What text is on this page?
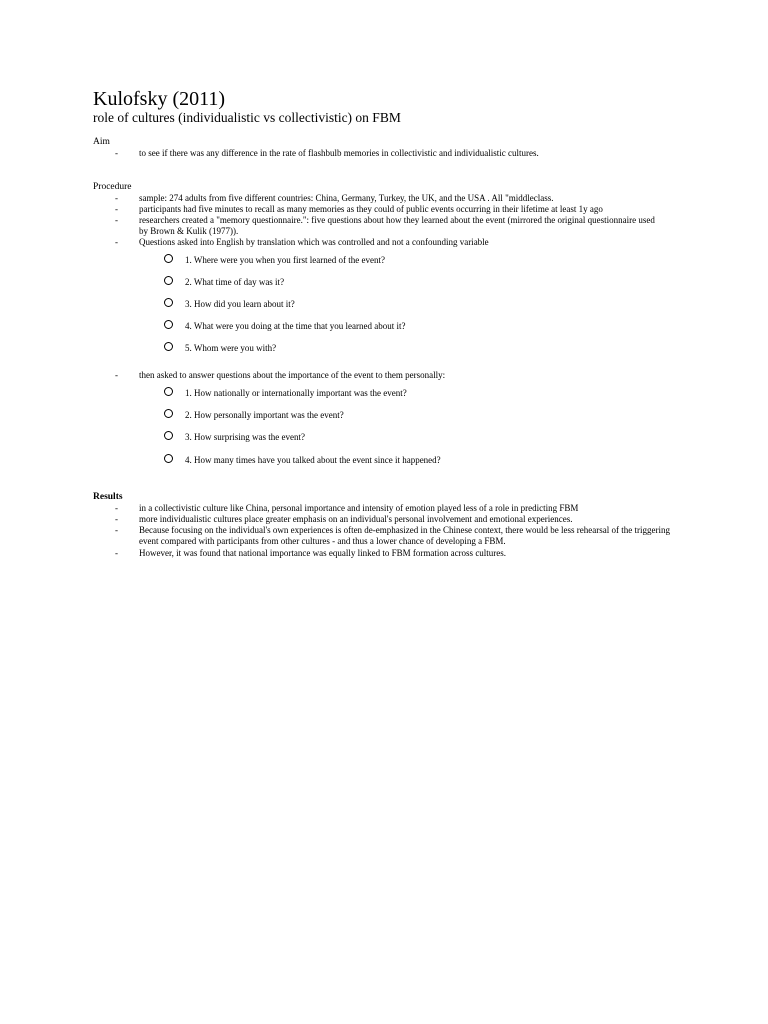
Kulofsky (2011)
role of cultures (individualistic vs collectivistic) on FBM
Aim
- to see if there was any difference in the rate of flashbulb memories in collectivistic and individualistic cultures.
Procedure
- sample: 274 adults from five different countries: China, Germany, Turkey, the UK, and the USA . All "middleclass.
- participants had five minutes to recall as many memories as they could of public events occurring in their lifetime at least 1y ago
- researchers created a "memory questionnaire.": five questions about how they learned about the event (mirrored the original questionnaire used by Brown & Kulik (1977)).
- Questions asked into English by translation which was controlled and not a confounding variable
1. Where were you when you first learned of the event?
2. What time of day was it?
3. How did you learn about it?
4. What were you doing at the time that you learned about it?
5. Whom were you with?
- then asked to answer questions about the importance of the event to them personally:
1. How nationally or internationally important was the event?
2. How personally important was the event?
3. How surprising was the event?
4. How many times have you talked about the event since it happened?
Results
- in a collectivistic culture like China, personal importance and intensity of emotion played less of a role in predicting FBM
- more individualistic cultures place greater emphasis on an individual's personal involvement and emotional experiences.
- Because focusing on the individual's own experiences is often de-emphasized in the Chinese context, there would be less rehearsal of the triggering event compared with participants from other cultures - and thus a lower chance of developing a FBM.
- However, it was found that national importance was equally linked to FBM formation across cultures.
